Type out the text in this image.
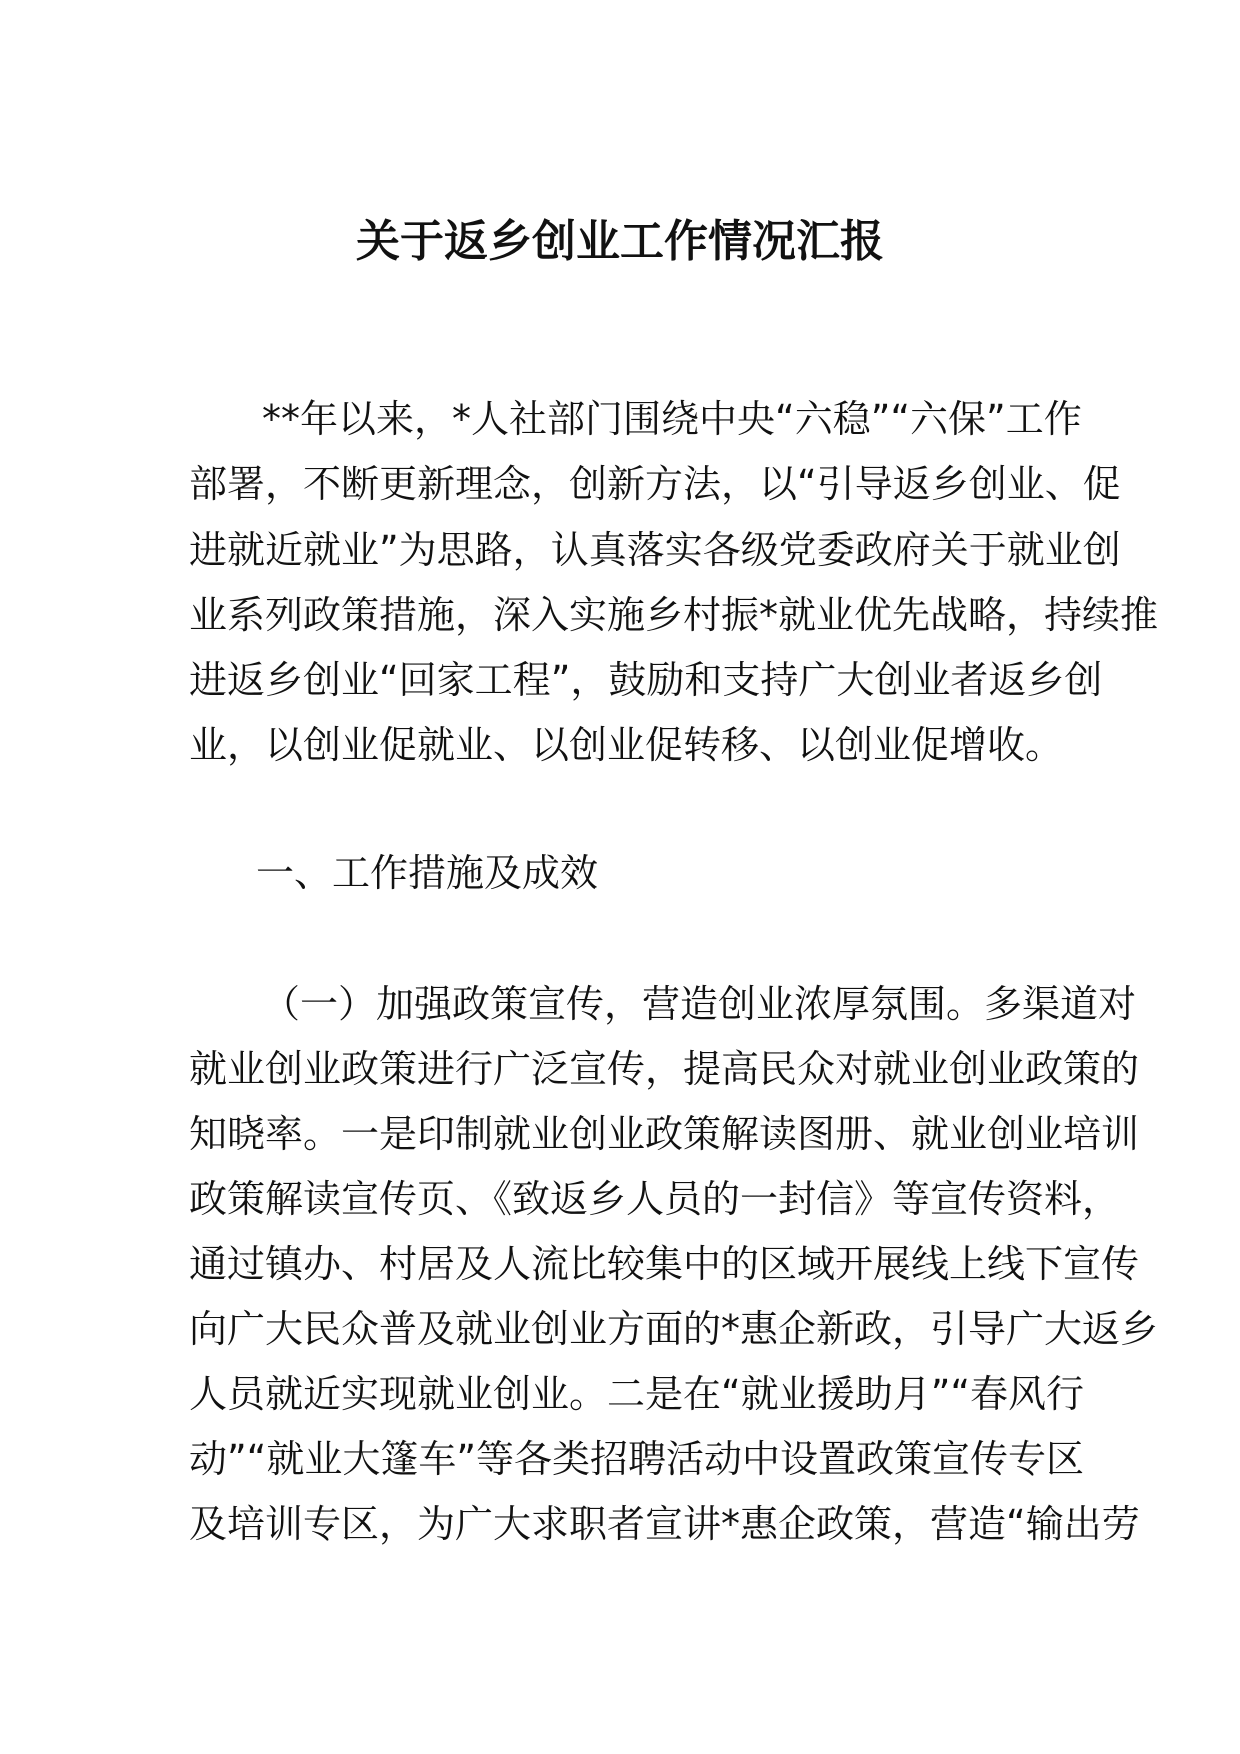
关于返乡创业工作情况汇报
**年以来，*人社部门围绕中央“六稳”“六保”工作
部署，不断更新理念，创新方法，以“引导返乡创业、促
进就近就业”为思路，认真落实各级党委政府关于就业创
业系列政策措施，深入实施乡村振*就业优先战略，持续推
进返乡创业“回家工程”，鼓励和支持广大创业者返乡创
业，以创业促就业、以创业促转移、以创业促增收。
一、工作措施及成效
（一）加强政策宣传，营造创业浓厚氛围。多渠道对
就业创业政策进行广泛宣传，提高民众对就业创业政策的
知晓率。一是印制就业创业政策解读图册、就业创业培训
政策解读宣传页、《致返乡人员的一封信》等宣传资料，
通过镇办、村居及人流比较集中的区域开展线上线下宣传
向广大民众普及就业创业方面的*惠企新政，引导广大返乡
人员就近实现就业创业。二是在“就业援助月”“春风行
动”“就业大篷车”等各类招聘活动中设置政策宣传专区
及培训专区，为广大求职者宣讲*惠企政策，营造“输出劳
